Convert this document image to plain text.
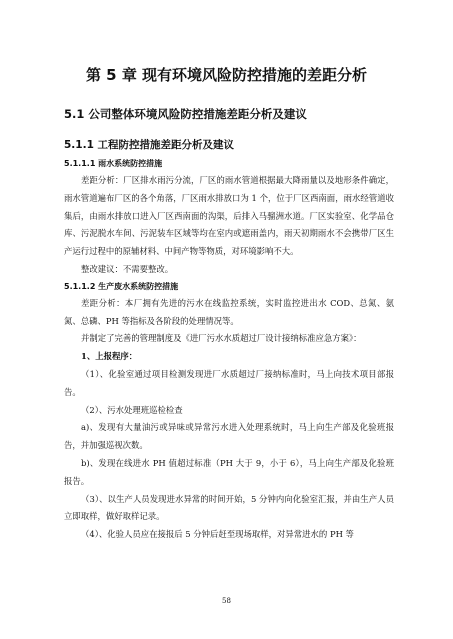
第 5 章 现有环境风险防控措施的差距分析
5.1 公司整体环境风险防控措施差距分析及建议
5.1.1 工程防控措施差距分析及建议
5.1.1.1 雨水系统防控措施

差距分析：厂区排水雨污分流，厂区的雨水管道根据最大降雨量以及地形条件确定，雨水管道遍布厂区的各个角落，厂区雨水排放口为 1 个，位于厂区西南面，雨水经管道收集后，由雨水排放口进入厂区西南面的沟渠，后排入马骝洲水道。厂区实验室、化学品仓库、污泥脱水车间、污泥装车区域等均在室内或遮雨盖内，雨天初期雨水不会携带厂区生产运行过程中的原辅材料、中间产物等物质，对环境影响不大。

整改建议：不需要整改。

5.1.1.2 生产废水系统防控措施

差距分析：本厂拥有先进的污水在线监控系统，实时监控进出水 COD、总氮、氨氮、总磷、PH 等指标及各阶段的处理情况等。

并制定了完善的管理制度及《进厂污水水质超过厂设计接纳标准应急方案》：

1、上报程序：

（1）、化验室通过项目检测发现进厂水质超过厂接纳标准时，马上向技术项目部报告。

（2）、污水处理班巡检检查

a)、发现有大量油污或异味或异常污水进入处理系统时，马上向生产部及化验班报告，并加强巡视次数。

b)、发现在线进水 PH 值超过标准（PH 大于 9，小于 6），马上向生产部及化验班报告。

（3）、以生产人员发现进水异常的时间开始，5 分钟内向化验室汇报，并由生产人员立即取样，做好取样记录。

（4）、化验人员应在接报后 5 分钟后赶至现场取样，对异常进水的 PH 等

58
